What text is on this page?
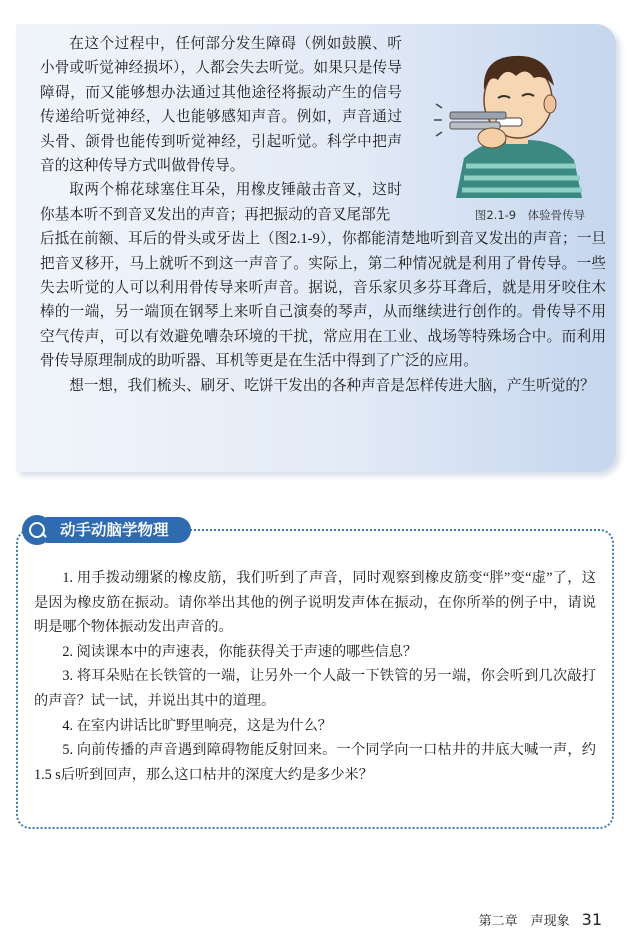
图2.1-9　体验骨传导

在这个过程中，任何部分发生障碍（例如鼓膜、听小骨或听觉神经损坏），人都会失去听觉。如果只是传导障碍，而又能够想办法通过其他途径将振动产生的信号传递给听觉神经，人也能够感知声音。例如，声音通过头骨、颌骨也能传到听觉神经，引起听觉。科学中把声音的这种传导方式叫做骨传导。

取两个棉花球塞住耳朵，用橡皮锤敲击音叉，这时你基本听不到音叉发出的声音；再把振动的音叉尾部先

后抵在前额、耳后的骨头或牙齿上（图2.1-9），你都能清楚地听到音叉发出的声音；一旦把音叉移开，马上就听不到这一声音了。实际上，第二种情况就是利用了骨传导。一些失去听觉的人可以利用骨传导来听声音。据说，音乐家贝多芬耳聋后，就是用牙咬住木棒的一端，另一端顶在钢琴上来听自己演奏的琴声，从而继续进行创作的。骨传导不用空气传声，可以有效避免嘈杂环境的干扰，常应用在工业、战场等特殊场合中。而利用骨传导原理制成的助听器、耳机等更是在生活中得到了广泛的应用。

想一想，我们梳头、刷牙、吃饼干发出的各种声音是怎样传进大脑，产生听觉的？

动手动脑学物理

1. 用手拨动绷紧的橡皮筋，我们听到了声音，同时观察到橡皮筋变“胖”变“虚”了，这是因为橡皮筋在振动。请你举出其他的例子说明发声体在振动，在你所举的例子中，请说明是哪个物体振动发出声音的。

2. 阅读课本中的声速表，你能获得关于声速的哪些信息？

3. 将耳朵贴在长铁管的一端，让另外一个人敲一下铁管的另一端，你会听到几次敲打的声音？试一试，并说出其中的道理。

4. 在室内讲话比旷野里响亮，这是为什么？

5. 向前传播的声音遇到障碍物能反射回来。一个同学向一口枯井的井底大喊一声，约1.5 s后听到回声，那么这口枯井的深度大约是多少米？

第二章　声现象 31
